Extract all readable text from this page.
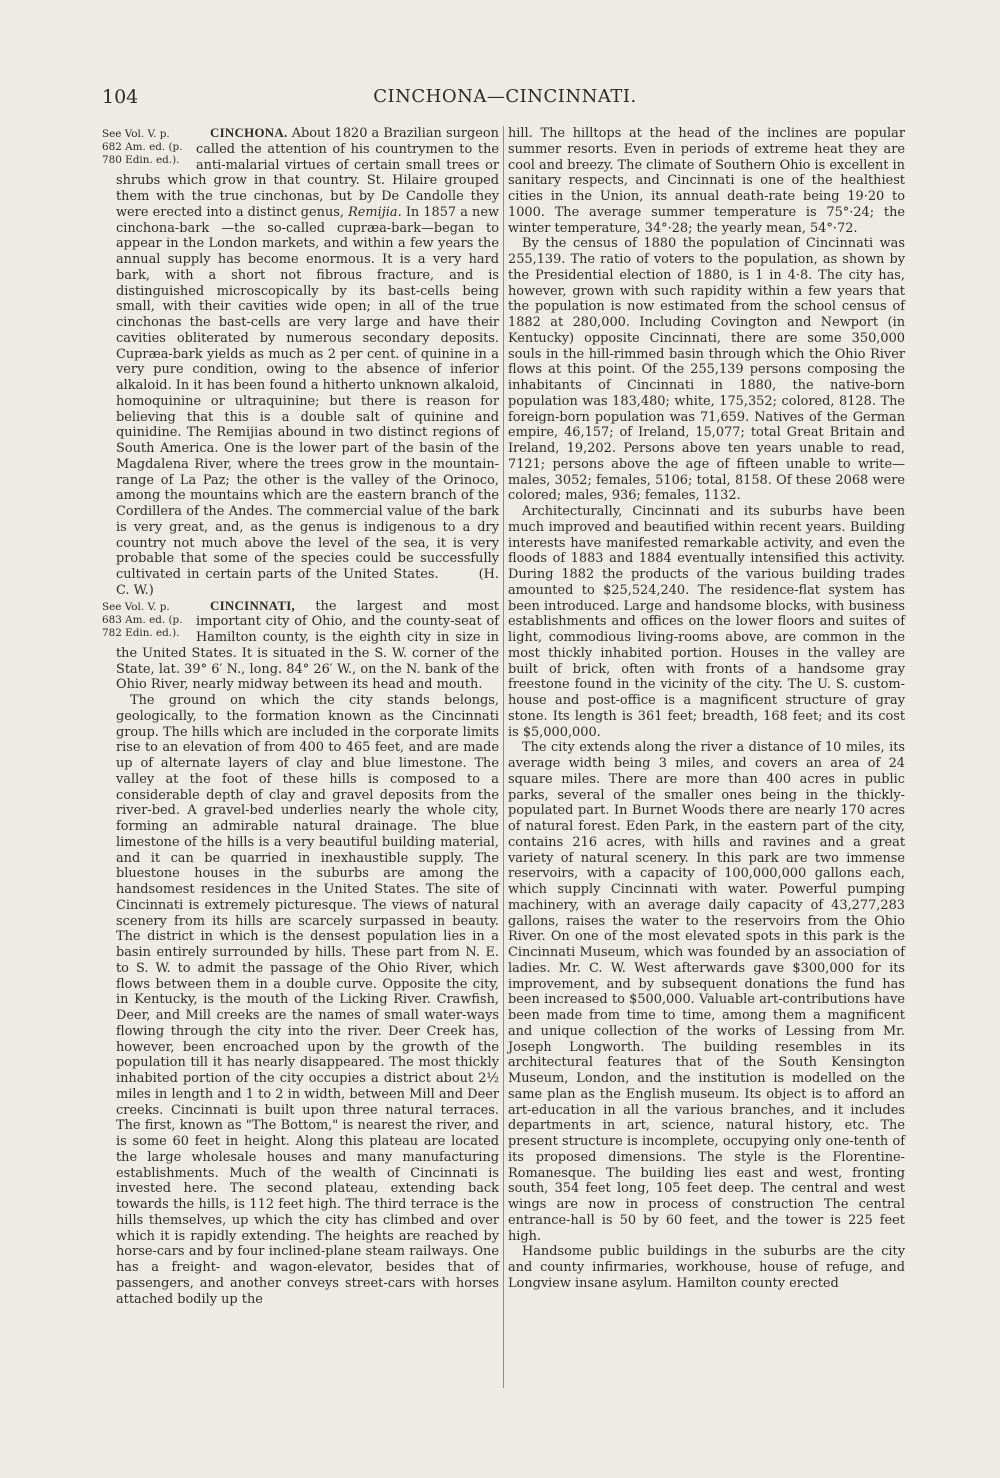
104	CINCHONA—CINCINNATI.

See Vol. V. p. 682 Am. ed. (p. 780 Edin. ed.).
CINCHONA. About 1820 a Brazilian surgeon called the attention of his countrymen to the anti-malarial virtues of certain small trees or shrubs which grow in that country. St. Hilaire grouped them with the true cinchonas, but by De Candolle they were erected into a distinct genus, Remijia. In 1857 a new cinchona-bark —the so-called cupræa-bark—began to appear in the London markets, and within a few years the annual supply has become enormous. It is a very hard bark, with a short not fibrous fracture, and is distinguished microscopically by its bast-cells being small, with their cavities wide open; in all of the true cinchonas the bast-cells are very large and have their cavities obliterated by numerous secondary deposits. Cupræa-bark yields as much as 2 per cent. of quinine in a very pure condition, owing to the absence of inferior alkaloid. In it has been found a hitherto unknown alkaloid, homoquinine or ultraquinine; but there is reason for believing that this is a double salt of quinine and quinidine. The Remijias abound in two distinct regions of South America. One is the lower part of the basin of the Magdalena River, where the trees grow in the mountain-range of La Paz; the other is the valley of the Orinoco, among the mountains which are the eastern branch of the Cordillera of the Andes. The commercial value of the bark is very great, and, as the genus is indigenous to a dry country not much above the level of the sea, it is very probable that some of the species could be successfully cultivated in certain parts of the United States.	(H. C. W.)

CINCINNATI,
See Vol. V. p. 683 Am. ed. (p. 782 Edin. ed.).
the largest and most important city of Ohio, and the county-seat of Hamilton county, is the eighth city in size in the United States. It is situated in the S. W. corner of the State, lat. 39° 6′ N., long. 84° 26′ W., on the N. bank of the Ohio River, nearly midway between its head and mouth.

The ground on which the city stands belongs, geologically, to the formation known as the Cincinnati group. The hills which are included in the corporate limits rise to an elevation of from 400 to 465 feet, and are made up of alternate layers of clay and blue limestone. The valley at the foot of these hills is composed to a considerable depth of clay and gravel deposits from the river-bed. A gravel-bed underlies nearly the whole city, forming an admirable natural drainage. The blue limestone of the hills is a very beautiful building material, and it can be quarried in inexhaustible supply. The bluestone houses in the suburbs are among the handsomest residences in the United States. The site of Cincinnati is extremely picturesque. The views of natural scenery from its hills are scarcely surpassed in beauty. The district in which is the densest population lies in a basin entirely surrounded by hills. These part from N. E. to S. W. to admit the passage of the Ohio River, which flows between them in a double curve. Opposite the city, in Kentucky, is the mouth of the Licking River. Crawfish, Deer, and Mill creeks are the names of small water-ways flowing through the city into the river. Deer Creek has, however, been encroached upon by the growth of the population till it has nearly disappeared. The most thickly inhabited portion of the city occupies a district about 2½ miles in length and 1 to 2 in width, between Mill and Deer creeks. Cincinnati is built upon three natural terraces. The first, known as "The Bottom," is nearest the river, and is some 60 feet in height. Along this plateau are located the large wholesale houses and many manufacturing establishments. Much of the wealth of Cincinnati is invested here. The second plateau, extending back towards the hills, is 112 feet high. The third terrace is the hills themselves, up which the city has climbed and over which it is rapidly extending. The heights are reached by horse-cars and by four inclined-plane steam railways. One has a freight- and wagon-elevator, besides that of passengers, and another conveys street-cars with horses attached bodily up the

hill. The hilltops at the head of the inclines are popular summer resorts. Even in periods of extreme heat they are cool and breezy. The climate of Southern Ohio is excellent in sanitary respects, and Cincinnati is one of the healthiest cities in the Union, its annual death-rate being 19·20 to 1000. The average summer temperature is 75°·24; the winter temperature, 34°·28; the yearly mean, 54°·72.

By the census of 1880 the population of Cincinnati was 255,139. The ratio of voters to the population, as shown by the Presidential election of 1880, is 1 in 4·8. The city has, however, grown with such rapidity within a few years that the population is now estimated from the school census of 1882 at 280,000. Including Covington and Newport (in Kentucky) opposite Cincinnati, there are some 350,000 souls in the hill-rimmed basin through which the Ohio River flows at this point. Of the 255,139 persons composing the inhabitants of Cincinnati in 1880, the native-born population was 183,480; white, 175,352; colored, 8128. The foreign-born population was 71,659. Natives of the German empire, 46,157; of Ireland, 15,077; total Great Britain and Ireland, 19,202. Persons above ten years unable to read, 7121; persons above the age of fifteen unable to write—males, 3052; females, 5106; total, 8158. Of these 2068 were colored; males, 936; females, 1132.

Architecturally, Cincinnati and its suburbs have been much improved and beautified within recent years. Building interests have manifested remarkable activity, and even the floods of 1883 and 1884 eventually intensified this activity. During 1882 the products of the various building trades amounted to $25,524,240. The residence-flat system has been introduced. Large and handsome blocks, with business establishments and offices on the lower floors and suites of light, commodious living-rooms above, are common in the most thickly inhabited portion. Houses in the valley are built of brick, often with fronts of a handsome gray freestone found in the vicinity of the city. The U. S. custom-house and post-office is a magnificent structure of gray stone. Its length is 361 feet; breadth, 168 feet; and its cost is $5,000,000.

The city extends along the river a distance of 10 miles, its average width being 3 miles, and covers an area of 24 square miles. There are more than 400 acres in public parks, several of the smaller ones being in the thickly-populated part. In Burnet Woods there are nearly 170 acres of natural forest. Eden Park, in the eastern part of the city, contains 216 acres, with hills and ravines and a great variety of natural scenery. In this park are two immense reservoirs, with a capacity of 100,000,000 gallons each, which supply Cincinnati with water. Powerful pumping machinery, with an average daily capacity of 43,277,283 gallons, raises the water to the reservoirs from the Ohio River. On one of the most elevated spots in this park is the Cincinnati Museum, which was founded by an association of ladies. Mr. C. W. West afterwards gave $300,000 for its improvement, and by subsequent donations the fund has been increased to $500,000. Valuable art-contributions have been made from time to time, among them a magnificent and unique collection of the works of Lessing from Mr. Joseph Longworth. The building resembles in its architectural features that of the South Kensington Museum, London, and the institution is modelled on the same plan as the English museum. Its object is to afford an art-education in all the various branches, and it includes departments in art, science, natural history, etc. The present structure is incomplete, occupying only one-tenth of its proposed dimensions. The style is the Florentine-Romanesque. The building lies east and west, fronting south, 354 feet long, 105 feet deep. The central and west wings are now in process of construction The central entrance-hall is 50 by 60 feet, and the tower is 225 feet high.

Handsome public buildings in the suburbs are the city and county infirmaries, workhouse, house of refuge, and Longview insane asylum. Hamilton county erected
